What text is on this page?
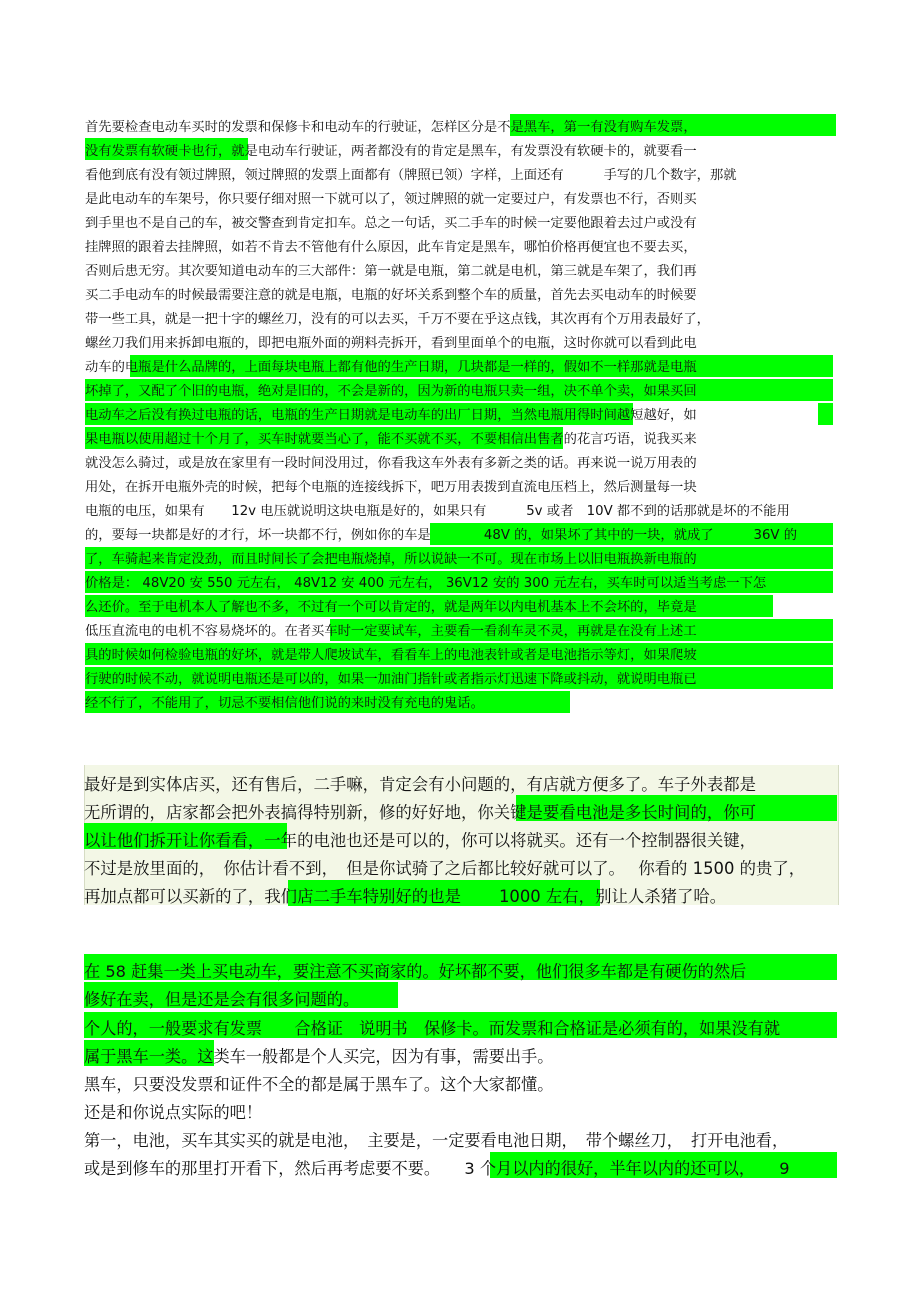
首先要检查电动车买时的发票和保修卡和电动车的行驶证，怎样区分是不是黑车，第一有没有购车发票，
没有发票有软硬卡也行，就是电动车行驶证，两者都没有的肯定是黑车，有发票没有软硬卡的，就要看一
看他到底有没有领过牌照，领过牌照的发票上面都有（牌照已领）字样，上面还有　　　手写的几个数字，那就
是此电动车的车架号，你只要仔细对照一下就可以了，领过牌照的就一定要过户，有发票也不行，否则买
到手里也不是自己的车，被交警查到肯定扣车。总之一句话，买二手车的时候一定要他跟着去过户或没有
挂牌照的跟着去挂牌照，如若不肯去不管他有什么原因，此车肯定是黑车，哪怕价格再便宜也不要去买，
否则后患无穷。其次要知道电动车的三大部件：第一就是电瓶，第二就是电机，第三就是车架了，我们再
买二手电动车的时候最需要注意的就是电瓶，电瓶的好坏关系到整个车的质量，首先去买电动车的时候要
带一些工具，就是一把十字的螺丝刀，没有的可以去买，千万不要在乎这点钱，其次再有个万用表最好了，
螺丝刀我们用来拆卸电瓶的，即把电瓶外面的朔料壳拆开，看到里面单个的电瓶，这时你就可以看到此电
动车的电瓶是什么品牌的，上面每块电瓶上都有他的生产日期，几块都是一样的，假如不一样那就是电瓶
坏掉了，又配了个旧的电瓶，绝对是旧的，不会是新的，因为新的电瓶只卖一组，决不单个卖，如果买回
电动车之后没有换过电瓶的话，电瓶的生产日期就是电动车的出厂日期，当然电瓶用得时间越短越好，如
果电瓶以使用超过十个月了，买车时就要当心了，能不买就不买，不要相信出售者的花言巧语，说我买来
就没怎么骑过，或是放在家里有一段时间没用过，你看我这车外表有多新之类的话。再来说一说万用表的
用处，在拆开电瓶外壳的时候，把每个电瓶的连接线拆下，吧万用表拨到直流电压档上，然后测量每一块
电瓶的电压，如果有　　12v 电压就说明这块电瓶是好的，如果只有　　　5v 或者　10V 都不到的话那就是坏的不能用
的，要每一块都是好的才行，坏一块都不行，例如你的车是　　　　48V 的，如果坏了其中的一块，就成了　　　36V 的
了，车骑起来肯定没劲，而且时间长了会把电瓶烧掉，所以说缺一不可。现在市场上以旧电瓶换新电瓶的
价格是： 48V20 安 550 元左右， 48V12 安 400 元左右， 36V12 安的 300 元左右，买车时可以适当考虑一下怎
么还价。至于电机本人了解也不多，不过有一个可以肯定的，就是两年以内电机基本上不会坏的，毕竟是
低压直流电的电机不容易烧坏的。在者买车时一定要试车，主要看一看刹车灵不灵，再就是在没有上述工
具的时候如何检验电瓶的好坏，就是带人爬坡试车，看看车上的电池表针或者是电池指示等灯，如果爬坡
行驶的时候不动，就说明电瓶还是可以的，如果一加油门指针或者指示灯迅速下降或抖动，就说明电瓶已
经不行了，不能用了，切忌不要相信他们说的来时没有充电的鬼话。
最好是到实体店买，还有售后，二手嘛，肯定会有小问题的，有店就方便多了。车子外表都是
无所谓的，店家都会把外表搞得特别新，修的好好地，你关键是要看电池是多长时间的，你可
以让他们拆开让你看看，一年的电池也还是可以的，你可以将就买。还有一个控制器很关键，
不过是放里面的，　你估计看不到，　但是你试骑了之后都比较好就可以了。　 你看的 1500 的贵了，
再加点都可以买新的了，我们店二手车特别好的也是　　 1000 左右，别让人杀猪了哈。
在 58 赶集一类上买电动车，要注意不买商家的。好坏都不要，他们很多车都是有硬伤的然后
修好在卖，但是还是会有很多问题的。
个人的，一般要求有发票　　合格证　说明书　保修卡。而发票和合格证是必须有的，如果没有就
属于黑车一类。这类车一般都是个人买完，因为有事，需要出手。
黑车，只要没发票和证件不全的都是属于黑车了。这个大家都懂。
还是和你说点实际的吧！
第一，电池，买车其实买的就是电池，　主要是，一定要看电池日期，　带个螺丝刀，　打开电池看，
或是到修车的那里打开看下，然后再考虑要不要。　　3 个月以内的很好，半年以内的还可以，　　9
